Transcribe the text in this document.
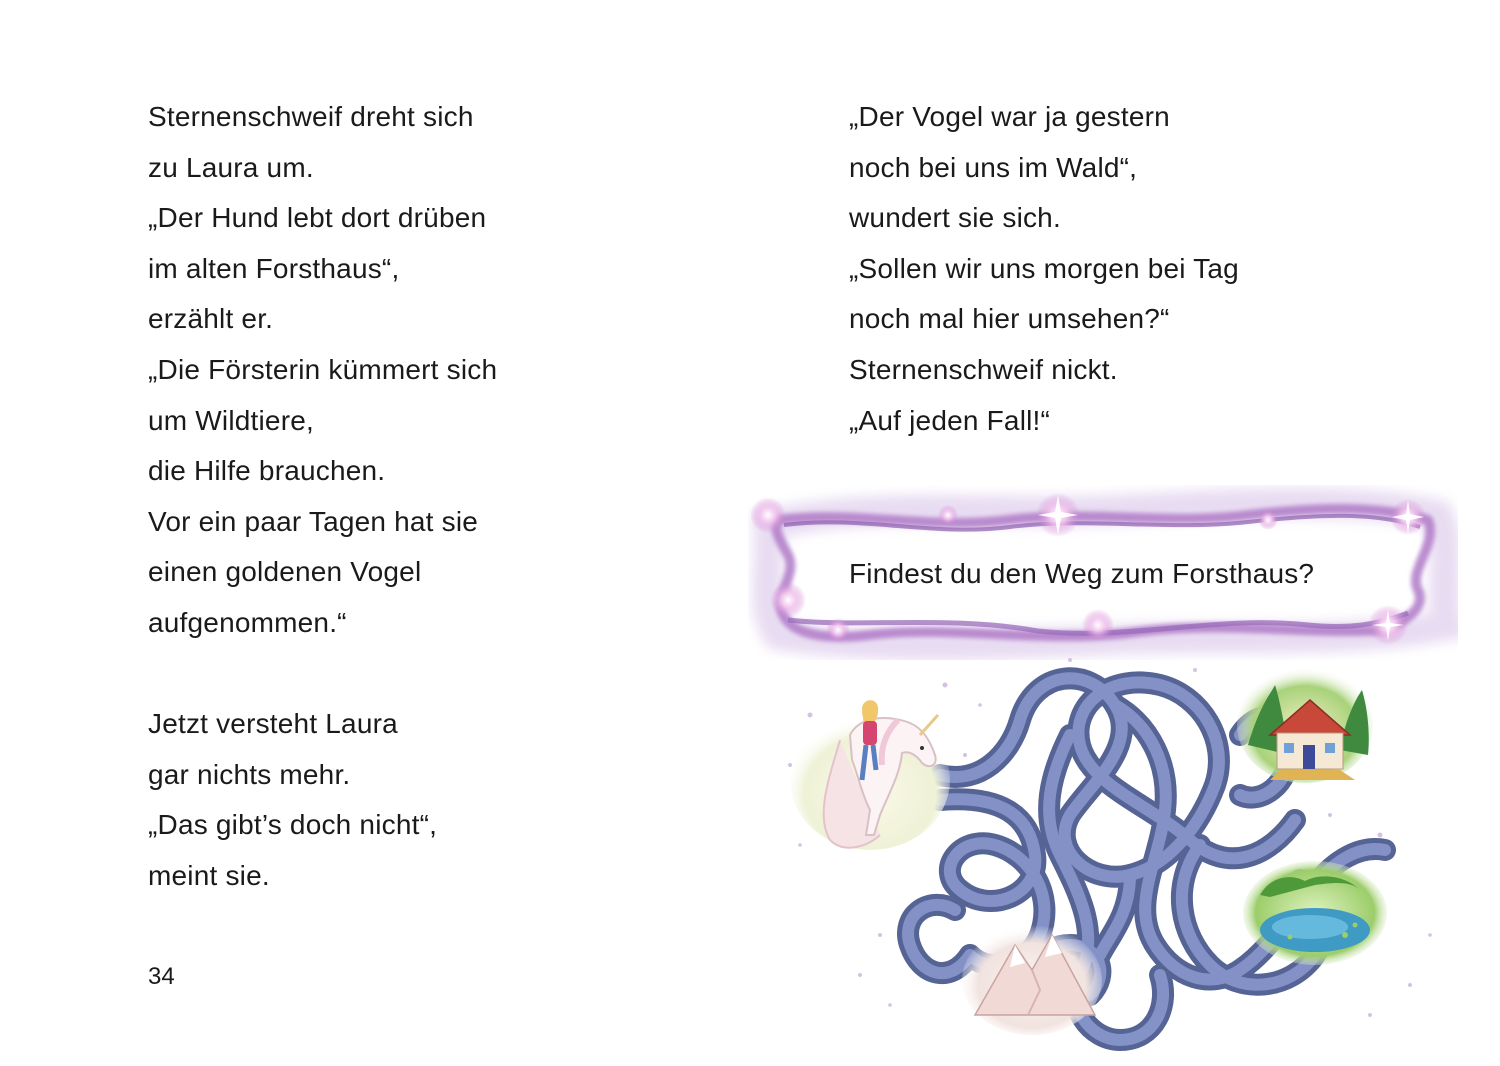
Sternenschweif dreht sich
zu Laura um.
„Der Hund lebt dort drüben
im alten Forsthaus“,
erzählt er.
„Die Försterin kümmert sich
um Wildtiere,
die Hilfe brauchen.
Vor ein paar Tagen hat sie
einen goldenen Vogel
aufgenommen.“
Jetzt versteht Laura
gar nichts mehr.
„Das gibt’s doch nicht“,
meint sie.
34
„Der Vogel war ja gestern
noch bei uns im Wald“,
wundert sie sich.
„Sollen wir uns morgen bei Tag
noch mal hier umsehen?“
Sternenschweif nickt.
„Auf jeden Fall!“
Findest du den Weg zum Forsthaus?
